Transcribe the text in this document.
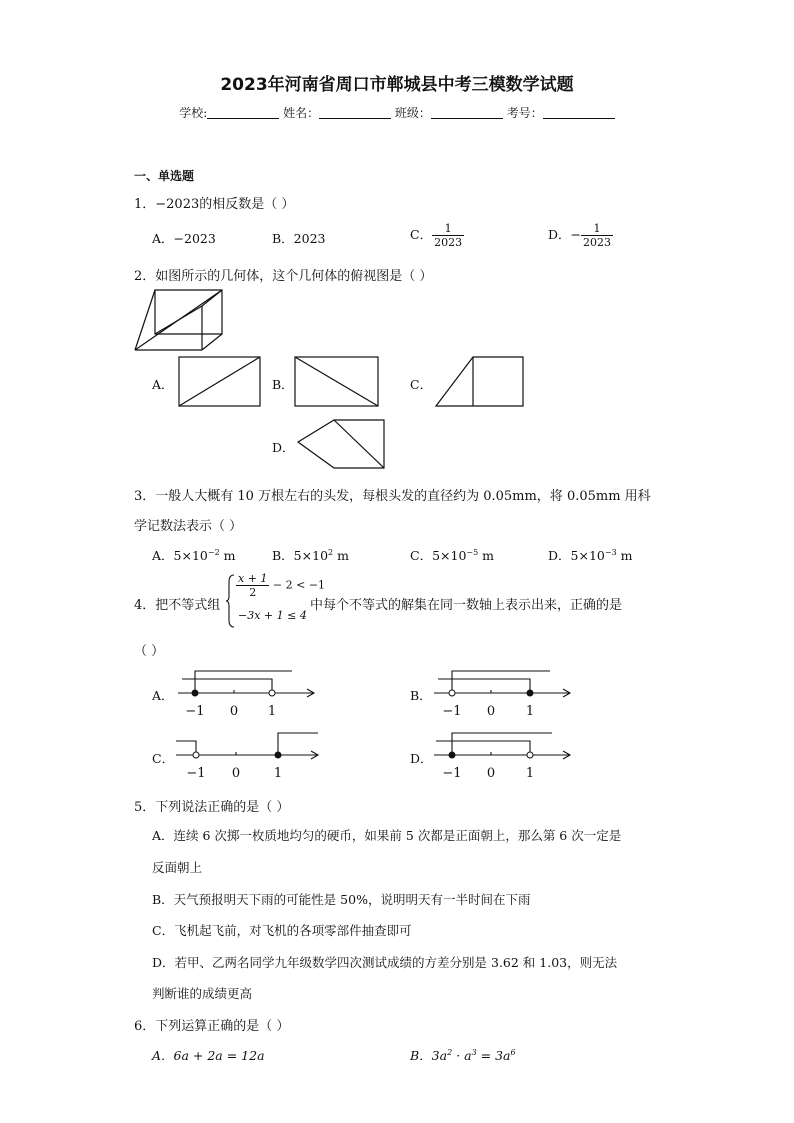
2023年河南省周口市郸城县中考三模数学试题
学校:	姓名：	班级：	考号：
一、单选题
1．−2023的相反数是（ ）
A．−2023	B．2023	C． $\frac{1}{2023}$	D．− $\frac{1}{2023}$
2．如图所示的几何体，这个几何体的俯视图是（ ）
A．	B．	C．
D．
3．一般人大概有 10 万根左右的头发，每根头发的直径约为 0.05mm，将 0.05mm 用科
学记数法表示（ ）
A．$5\times 10^{-2}$ m	B．$5\times 10^2$ m	C．$5\times 10^{-5}$ m	D．$5\times 10^{-3}$ m
4．把不等式组
$\frac{x + 1}{2} - 2 < -1$
−3x + 1 ≤ 4
中每个不等式的解集在同一数轴上表示出来，正确的是
（ ）
A．
−1 0 1
B．
−1 0 1
C．
−1 0	1
D．
−1 0 1
5．下列说法正确的是（ ）
A．连续 6 次掷一枚质地均匀的硬币，如果前 5 次都是正面朝上，那么第 6 次一定是
反面朝上
B．天气预报明天下雨的可能性是 50%，说明明天有一半时间在下雨
C．飞机起飞前，对飞机的各项零部件抽查即可
D．若甲、乙两名同学九年级数学四次测试成绩的方差分别是 3.62 和 1.03，则无法
判断谁的成绩更高
6．下列运算正确的是（ ）
A．6a + 2a = 12a	B．$3a^2 \cdot a^3 = 3a^6$
